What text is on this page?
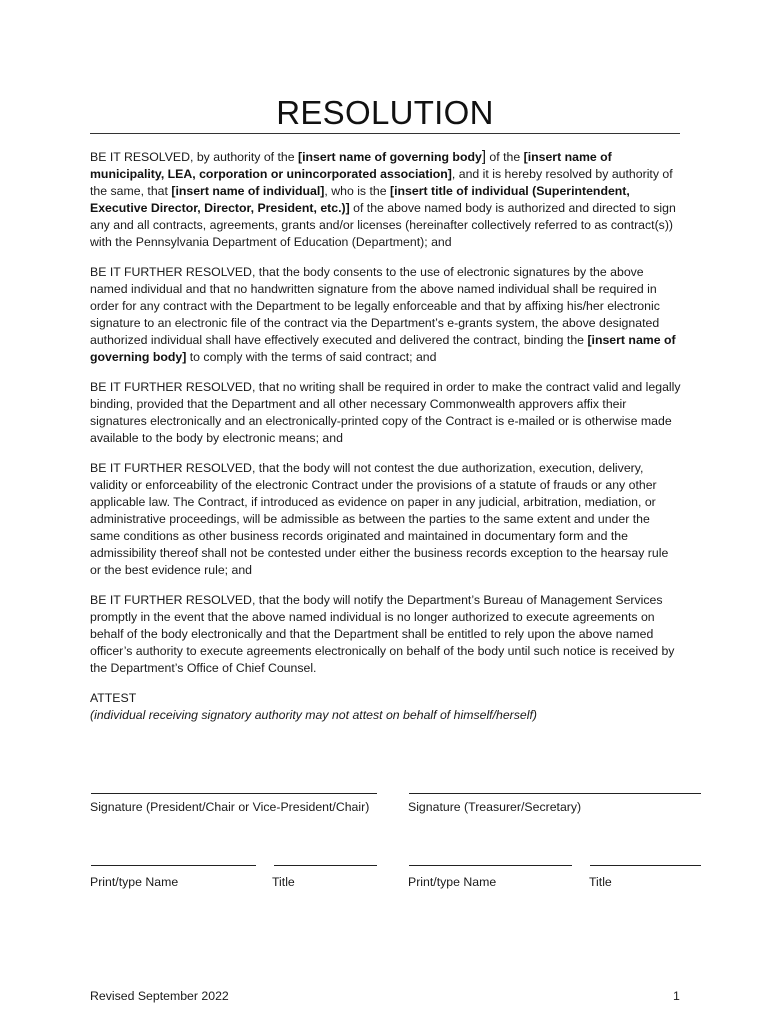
RESOLUTION

BE IT RESOLVED, by authority of the [insert name of governing body] of the [insert name of municipality, LEA, corporation or unincorporated association], and it is hereby resolved by authority of the same, that [insert name of individual], who is the [insert title of individual (Superintendent, Executive Director, Director, President, etc.)] of the above named body is authorized and directed to sign any and all contracts, agreements, grants and/or licenses (hereinafter collectively referred to as contract(s)) with the Pennsylvania Department of Education (Department); and

BE IT FURTHER RESOLVED, that the body consents to the use of electronic signatures by the above named individual and that no handwritten signature from the above named individual shall be required in order for any contract with the Department to be legally enforceable and that by affixing his/her electronic signature to an electronic file of the contract via the Department’s e-grants system, the above designated authorized individual shall have effectively executed and delivered the contract, binding the [insert name of governing body] to comply with the terms of said contract; and

BE IT FURTHER RESOLVED, that no writing shall be required in order to make the contract valid and legally binding, provided that the Department and all other necessary Commonwealth approvers affix their signatures electronically and an electronically-printed copy of the Contract is e-mailed or is otherwise made available to the body by electronic means; and

BE IT FURTHER RESOLVED, that the body will not contest the due authorization, execution, delivery, validity or enforceability of the electronic Contract under the provisions of a statute of frauds or any other applicable law. The Contract, if introduced as evidence on paper in any judicial, arbitration, mediation, or administrative proceedings, will be admissible as between the parties to the same extent and under the same conditions as other business records originated and maintained in documentary form and the admissibility thereof shall not be contested under either the business records exception to the hearsay rule or the best evidence rule; and

BE IT FURTHER RESOLVED, that the body will notify the Department’s Bureau of Management Services promptly in the event that the above named individual is no longer authorized to execute agreements on behalf of the body electronically and that the Department shall be entitled to rely upon the above named officer’s authority to execute agreements electronically on behalf of the body until such notice is received by the Department’s Office of Chief Counsel.

ATTEST
(individual receiving signatory authority may not attest on behalf of himself/herself)
Signature (President/Chair or Vice-President/Chair)	Signature (Treasurer/Secretary)
Print/type Name	Title	Print/type Name	Title
Revised September 2022	1
